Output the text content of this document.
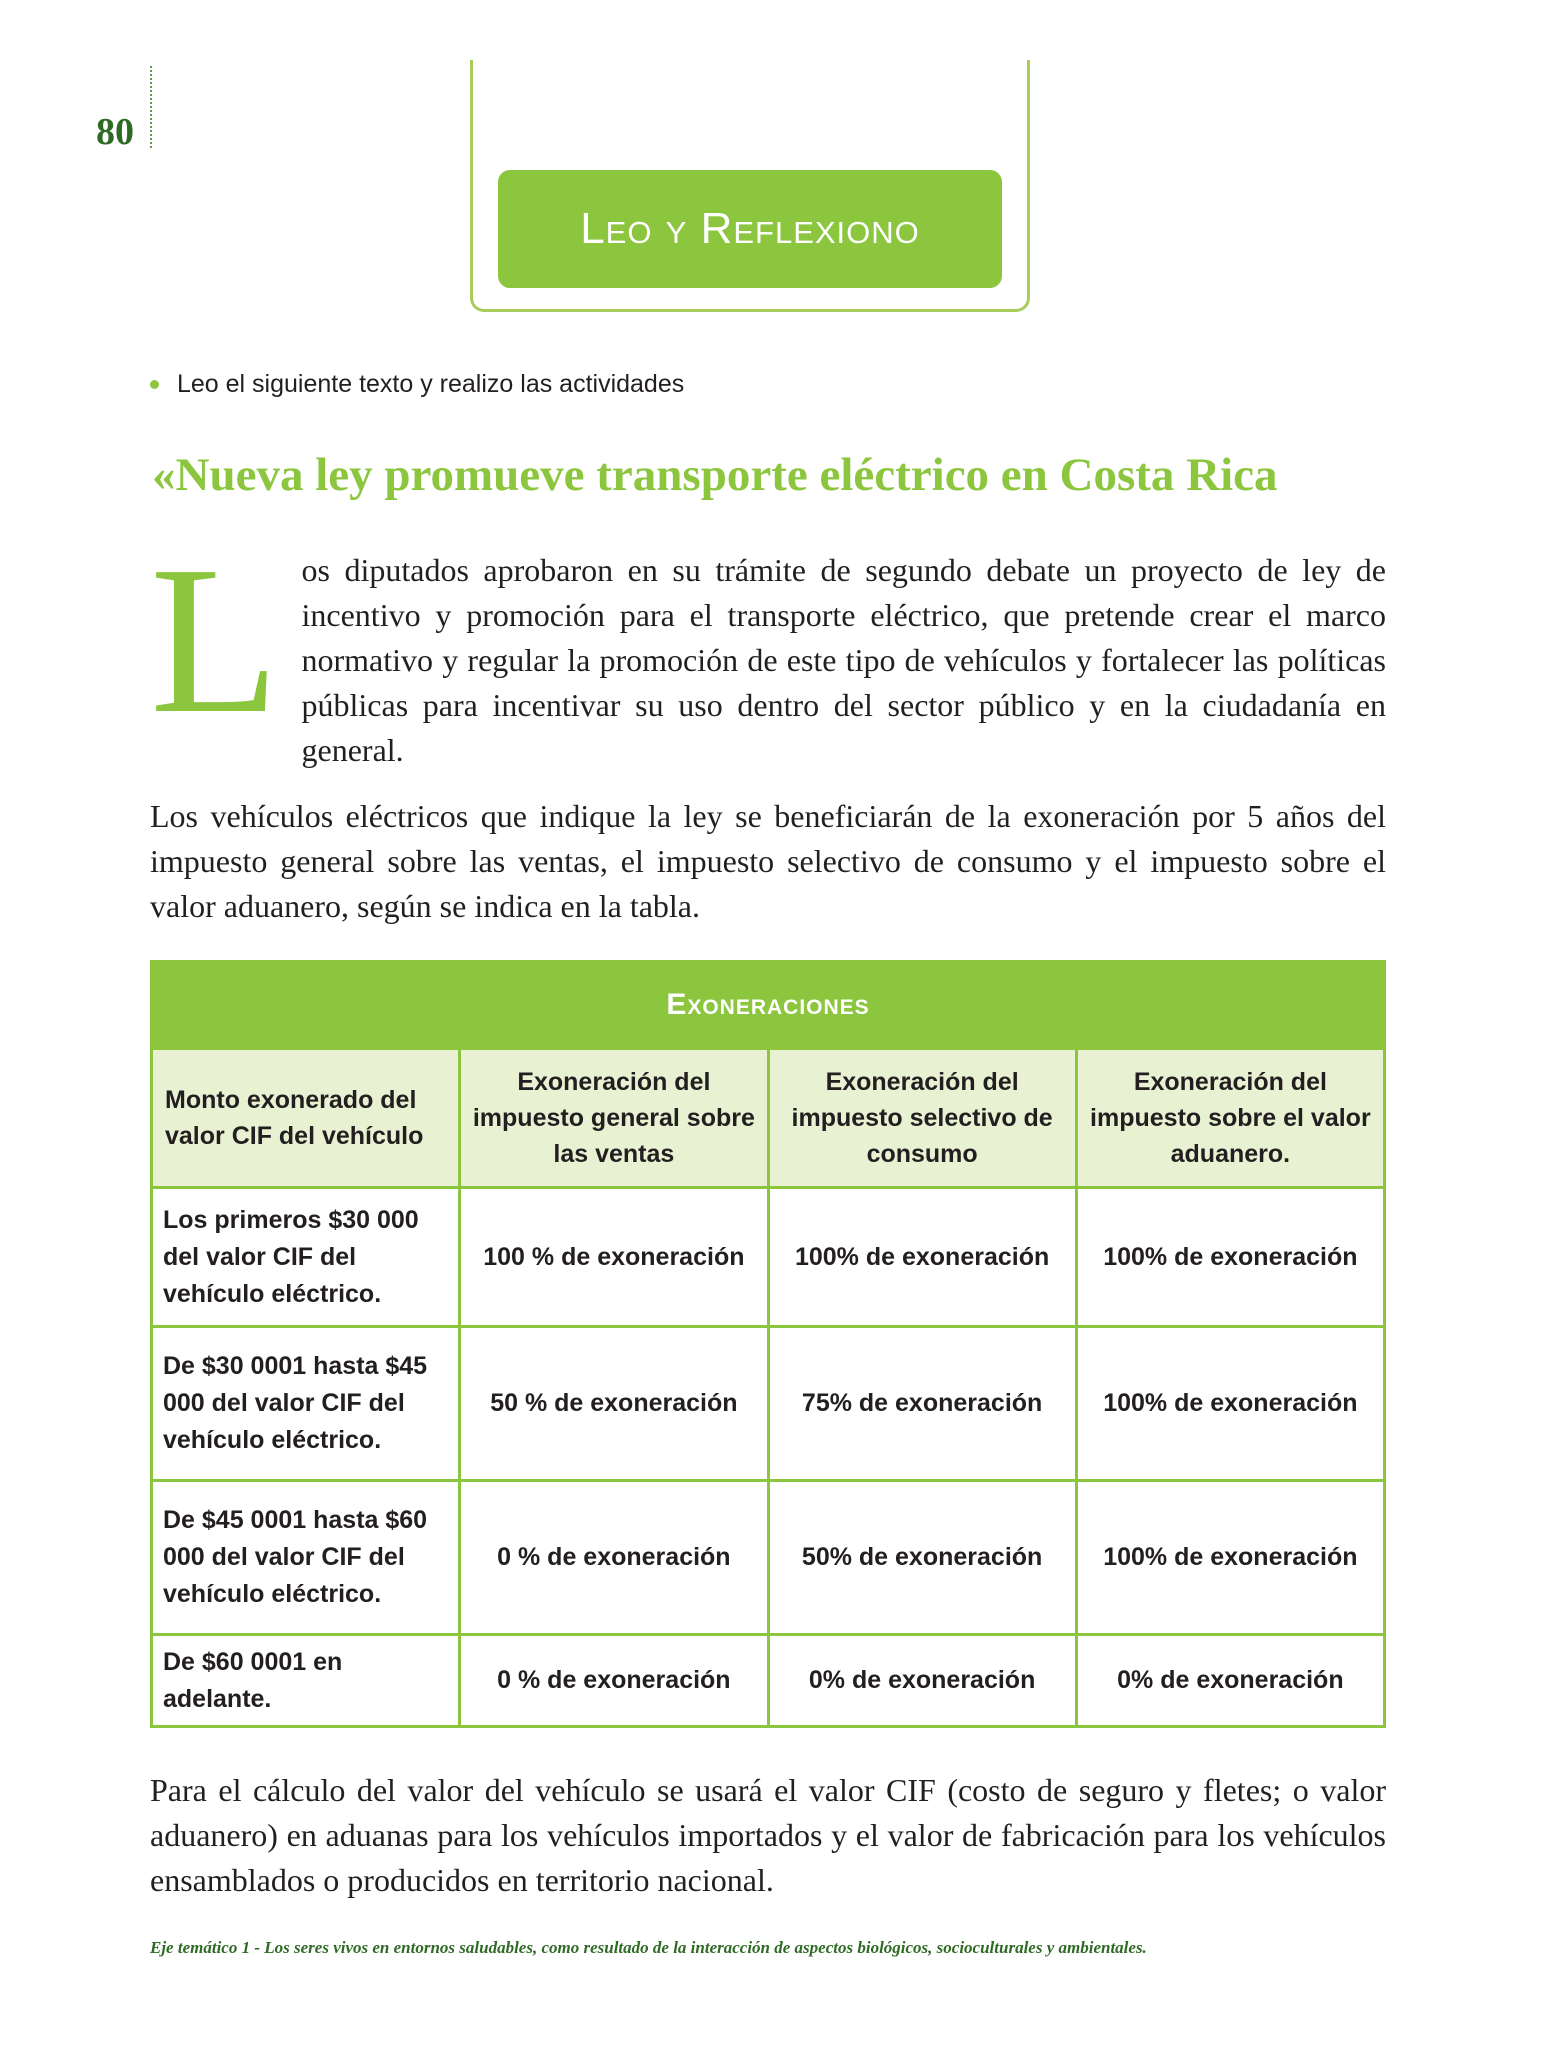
80
Leo y Reflexiono
Leo el siguiente texto y realizo las actividades
«Nueva ley promueve transporte eléctrico en Costa Rica

Los diputados aprobaron en su trámite de segundo debate un proyecto de ley de incentivo y promoción para el transporte eléctrico, que pretende crear el marco normativo y regular la promoción de este tipo de vehículos y fortalecer las políticas públicas para incentivar su uso dentro del sector público y en la ciudadanía en general.

Los vehículos eléctricos que indique la ley se beneficiarán de la exoneración por 5 años del impuesto general sobre las ventas, el impuesto selectivo de consumo y el impuesto sobre el valor aduanero, según se indica en la tabla.

Exoneraciones			
Monto exonerado del valor CIF del vehículo	Exoneración del impuesto general sobre las ventas	Exoneración del impuesto selectivo de consumo	Exoneración del impuesto sobre el valor aduanero.
Los primeros $30 000 del valor CIF del vehículo eléctrico.	100 % de exoneración	100% de exoneración	100% de exoneración
De $30 0001 hasta $45 000 del valor CIF del vehículo eléctrico.	50 % de exoneración	75% de exoneración	100% de exoneración
De $45 0001 hasta $60 000 del valor CIF del vehículo eléctrico.	0 % de exoneración	50% de exoneración	100% de exoneración
De $60 0001 en adelante.	0 % de exoneración	0% de exoneración	0% de exoneración

Para el cálculo del valor del vehículo se usará el valor CIF (costo de seguro y fletes; o valor aduanero) en aduanas para los vehículos importados y el valor de fabricación para los vehículos ensamblados o producidos en territorio nacional.

Eje temático 1 - Los seres vivos en entornos saludables, como resultado de la interacción de aspectos biológicos, socioculturales y ambientales.
